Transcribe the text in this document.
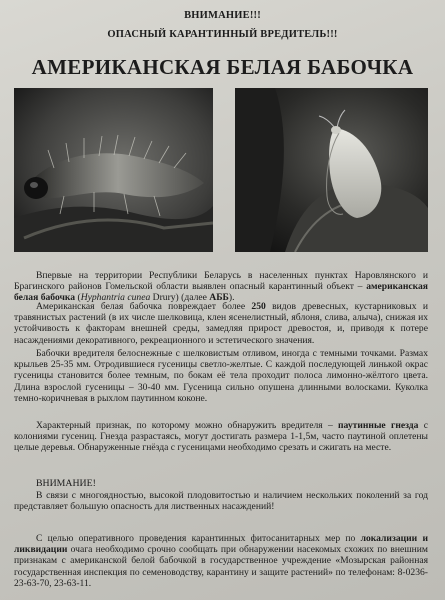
ВНИМАНИЕ!!!
ОПАСНЫЙ КАРАНТИННЫЙ ВРЕДИТЕЛЬ!!!
АМЕРИКАНСКАЯ БЕЛАЯ БАБОЧКА

Впервые на территории Республики Беларусь в населенных пунктах Наровлянского и Брагинского районов Гомельской области выявлен опасный карантинный объект – американская белая бабочка (Hyphantria cunea Drury) (далее АББ).

Американская белая бабочка повреждает более 250 видов древесных, кустарниковых и травянистых растений (в их числе шелковица, клен ясенелистный, яблоня, слива, алыча), снижая их устойчивость к факторам внешней среды, замедляя прирост древостоя, и, приводя к потере насаждениями декоративного, рекреационного и эстетического значения.

Бабочки вредителя белоснежные с шелковистым отливом, иногда с темными точками. Размах крыльев 25-35 мм. Отродившиеся гусеницы светло-желтые. С каждой последующей линькой окрас гусеницы становится более темным, по бокам её тела проходит полоса лимонно-жёлтого цвета. Длина взрослой гусеницы – 30-40 мм. Гусеница сильно опушена длинными волосками. Куколка темно-коричневая в рыхлом паутинном коконе.

Характерный признак, по которому можно обнаружить вредителя – паутинные гнезда с колониями гусениц. Гнезда разрастаясь, могут достигать размера 1-1,5м, часто паутиной оплетены целые деревья. Обнаруженные гнёзда с гусеницами необходимо срезать и сжигать на месте.

ВНИМАНИЕ!

В связи с многоядностью, высокой плодовитостью и наличием нескольких поколений за год представляет большую опасность для лиственных насаждений!

С целью оперативного проведения карантинных фитосанитарных мер по локализации и ликвидации очага необходимо срочно сообщать при обнаружении насекомых схожих по внешним признакам с американской белой бабочкой в государственное учреждение «Мозырская районная государственная инспекция по семеноводству, карантину и защите растений» по телефонам: 8-0236-23-63-70, 23-63-11.
